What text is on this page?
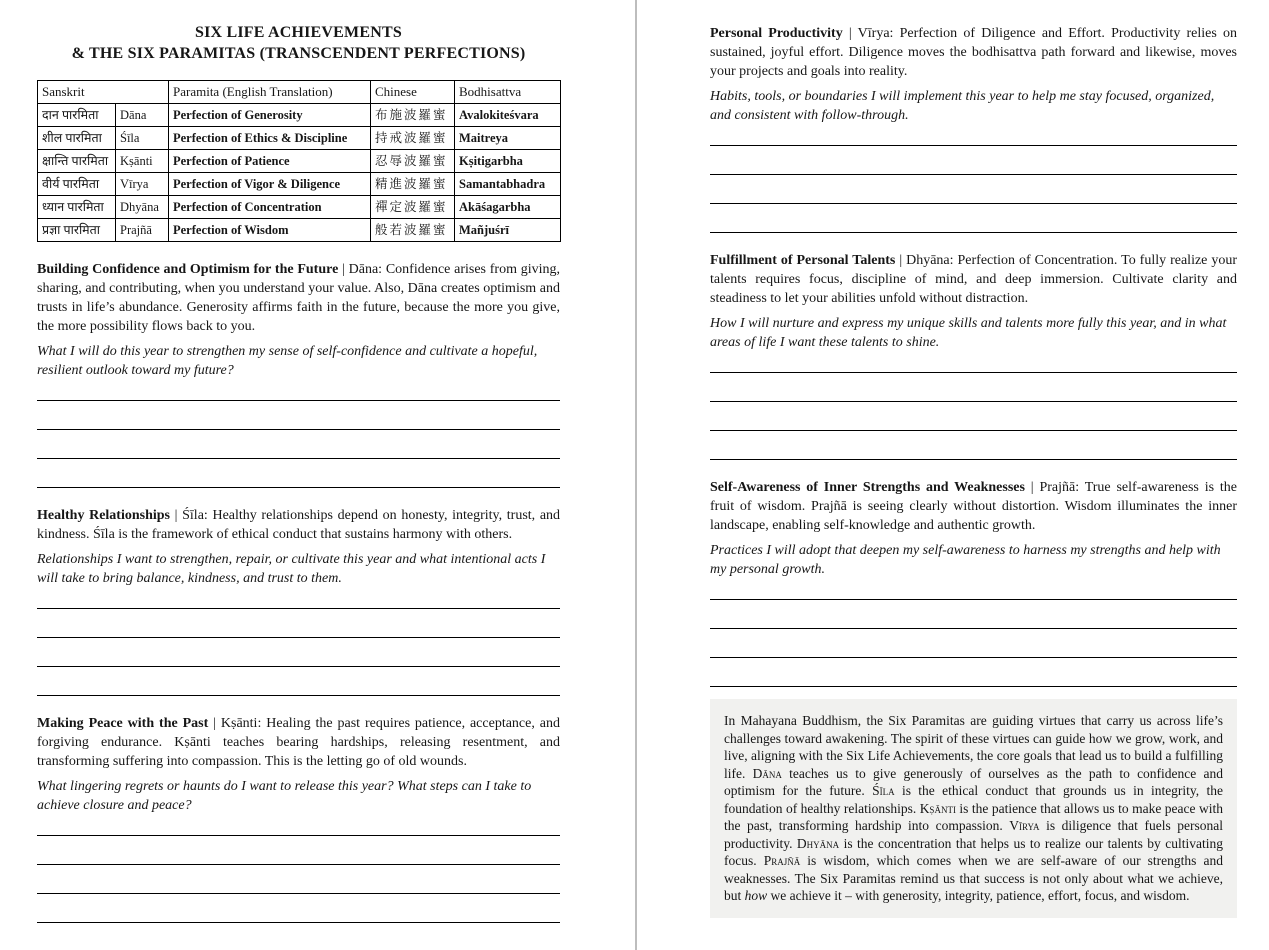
SIX LIFE ACHIEVEMENTS
& THE SIX PARAMITAS (TRANSCENDENT PERFECTIONS)

Sanskrit		Paramita (English Translation)	Chinese	Bodhisattva
दान पारमिता	Dāna	Perfection of Generosity	布施波羅蜜	Avalokiteśvara
शील पारमिता	Śīla	Perfection of Ethics & Discipline	持戒波羅蜜	Maitreya
क्षान्ति पारमिता	Kṣānti	Perfection of Patience	忍辱波羅蜜	Kṣitigarbha
वीर्य पारमिता	Vīrya	Perfection of Vigor & Diligence	精進波羅蜜	Samantabhadra
ध्यान पारमिता	Dhyāna	Perfection of Concentration	禪定波羅蜜	Akāśagarbha
प्रज्ञा पारमिता	Prajñā	Perfection of Wisdom	般若波羅蜜	Mañjuśrī

Building Confidence and Optimism for the Future | Dāna: Confidence arises from giving, sharing, and contributing, when you understand your value. Also, Dāna creates optimism and trusts in life’s abundance. Generosity affirms faith in the future, because the more you give, the more possibility flows back to you.

What I will do this year to strengthen my sense of self-confidence and cultivate a hopeful, resilient outlook toward my future?

Healthy Relationships | Śīla: Healthy relationships depend on honesty, integrity, trust, and kindness. Śīla is the framework of ethical conduct that sustains harmony with others.

Relationships I want to strengthen, repair, or cultivate this year and what intentional acts I will take to bring balance, kindness, and trust to them.

Making Peace with the Past | Kṣānti: Healing the past requires patience, acceptance, and forgiving endurance. Kṣānti teaches bearing hardships, releasing resentment, and transforming suffering into compassion. This is the letting go of old wounds.

What lingering regrets or haunts do I want to release this year? What steps can I take to achieve closure and peace?

Personal Productivity | Vīrya: Perfection of Diligence and Effort. Productivity relies on sustained, joyful effort. Diligence moves the bodhisattva path forward and likewise, moves your projects and goals into reality.

Habits, tools, or boundaries I will implement this year to help me stay focused, organized, and consistent with follow-through.

Fulfillment of Personal Talents | Dhyāna: Perfection of Concentration. To fully realize your talents requires focus, discipline of mind, and deep immersion. Cultivate clarity and steadiness to let your abilities unfold without distraction.

How I will nurture and express my unique skills and talents more fully this year, and in what areas of life I want these talents to shine.

Self-Awareness of Inner Strengths and Weaknesses | Prajñā: True self-awareness is the fruit of wisdom. Prajñā is seeing clearly without distortion. Wisdom illuminates the inner landscape, enabling self-knowledge and authentic growth.

Practices I will adopt that deepen my self-awareness to harness my strengths and help with my personal growth.

In Mahayana Buddhism, the Six Paramitas are guiding virtues that carry us across life’s challenges toward awakening. The spirit of these virtues can guide how we grow, work, and live, aligning with the Six Life Achievements, the core goals that lead us to build a fulfilling life. Dāna teaches us to give generously of ourselves as the path to confidence and optimism for the future. Śīla is the ethical conduct that grounds us in integrity, the foundation of healthy relationships. Kṣānti is the patience that allows us to make peace with the past, transforming hardship into compassion. Vīrya is diligence that fuels personal productivity. Dhyāna is the concentration that helps us to realize our talents by cultivating focus. Prajñā is wisdom, which comes when we are self-aware of our strengths and weaknesses. The Six Paramitas remind us that success is not only about what we achieve, but how we achieve it – with generosity, integrity, patience, effort, focus, and wisdom.
